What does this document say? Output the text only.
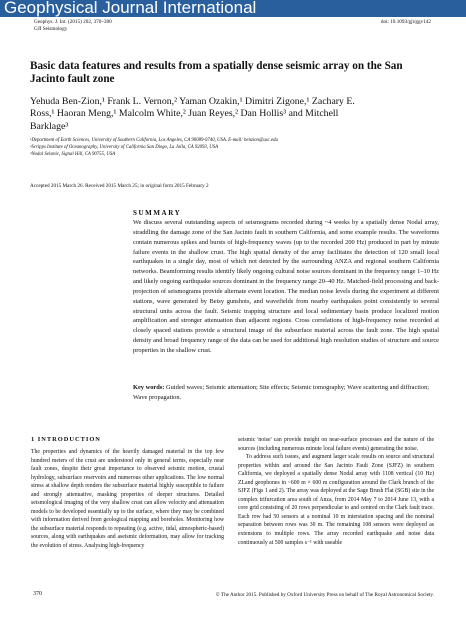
Geophysical Journal International
Geophys. J. Int. (2015) 202, 370–380
GJI Seismology
doi: 10.1093/gji/ggv142
Basic data features and results from a spatially dense seismic array on the San Jacinto fault zone
Yehuda Ben-Zion,¹ Frank L. Vernon,² Yaman Ozakin,¹ Dimitri Zigone,¹ Zachary E. Ross,¹ Haoran Meng,¹ Malcolm White,² Juan Reyes,² Dan Hollis³ and Mitchell Barklage³
¹Department of Earth Sciences, University of Southern California, Los Angeles, CA 90089-0740, USA. E-mail: benzion@usc.edu
²Scripps Institute of Oceanography, University of California San Diego, La Jolla, CA 92093, USA
³Nodal Seismic, Signal Hill, CA 90755, USA
Accepted 2015 March 26. Received 2015 March 25; in original form 2015 February 2
SUMMARY
We discuss several outstanding aspects of seismograms recorded during ~4 weeks by a spatially dense Nodal array, straddling the damage zone of the San Jacinto fault in southern California, and some example results. The waveforms contain numerous spikes and bursts of high-frequency waves (up to the recorded 200 Hz) produced in part by minute failure events in the shallow crust. The high spatial density of the array facilitates the detection of 120 small local earthquakes in a single day, most of which not detected by the surrounding ANZA and regional southern California networks. Beamforming results identify likely ongoing cultural noise sources dominant in the frequency range 1–10 Hz and likely ongoing earthquake sources dominant in the frequency range 20–40 Hz. Matched-field processing and back-projection of seismograms provide alternate event location. The median noise levels during the experiment at different stations, wave generated by Betsy gunshots, and wavefields from nearby earthquakes point consistently to several structural units across the fault. Seismic trapping structure and local sedimentary basin produce localized motion amplification and stronger attenuation than adjacent regions. Cross correlations of high-frequency noise recorded at closely spaced stations provide a structural image of the subsurface material across the fault zone. The high spatial density and broad frequency range of the data can be used for additional high resolution studies of structure and source properties in the shallow crust.
Key words: Guided waves; Seismic attenuation; Site effects; Seismic tomography; Wave scattering and diffraction; Wave propagation.
1 INTRODUCTION

The properties and dynamics of the heavily damaged material in the top few hundred meters of the crust are understood only in general terms, especially near fault zones, despite their great importance to observed seismic motion, crustal hydrology, subsurface reservoirs and numerous other applications. The low normal stress at shallow depth renders the subsurface material highly susceptible to failure and strongly attenuative, masking properties of deeper structures. Detailed seismological imaging of the very shallow crust can allow velocity and attenuation models to be developed essentially up to the surface, where they may be combined with information derived from geological mapping and boreholes. Monitoring how the subsurface material responds to repeating (e.g. active, tidal, atmospheric-based) sources, along with earthquakes and aseismic deformation, may allow for tracking the evolution of stress. Analysing high-frequency

seismic 'noise' can provide insight on near-surface processes and the nature of the sources (including numerous minute local failure events) generating the noise.

To address such issues, and augment larger scale results on source and structural properties within and around the San Jacinto Fault Zone (SJFZ) in southern California, we deployed a spatially dense Nodal array with 1108 vertical (10 Hz) ZLand geophones in ~600 m × 600 m configuration around the Clark branch of the SJFZ (Figs 1 and 2). The array was deployed at the Sage Brush Flat (SGB) site in the complex trifurcation area south of Anza, from 2014 May 7 to 2014 June 13, with a core grid consisting of 20 rows perpendicular to and centred on the Clark fault trace. Each row had 50 sensors at a nominal 10 m interstation spacing and the nominal separation between rows was 30 m. The remaining 108 sensors were deployed as extensions to multiple rows. The array recorded earthquake and noise data continuously at 500 samples s⁻¹ with useable

370	© The Author 2015. Published by Oxford University Press on behalf of The Royal Astronomical Society.
